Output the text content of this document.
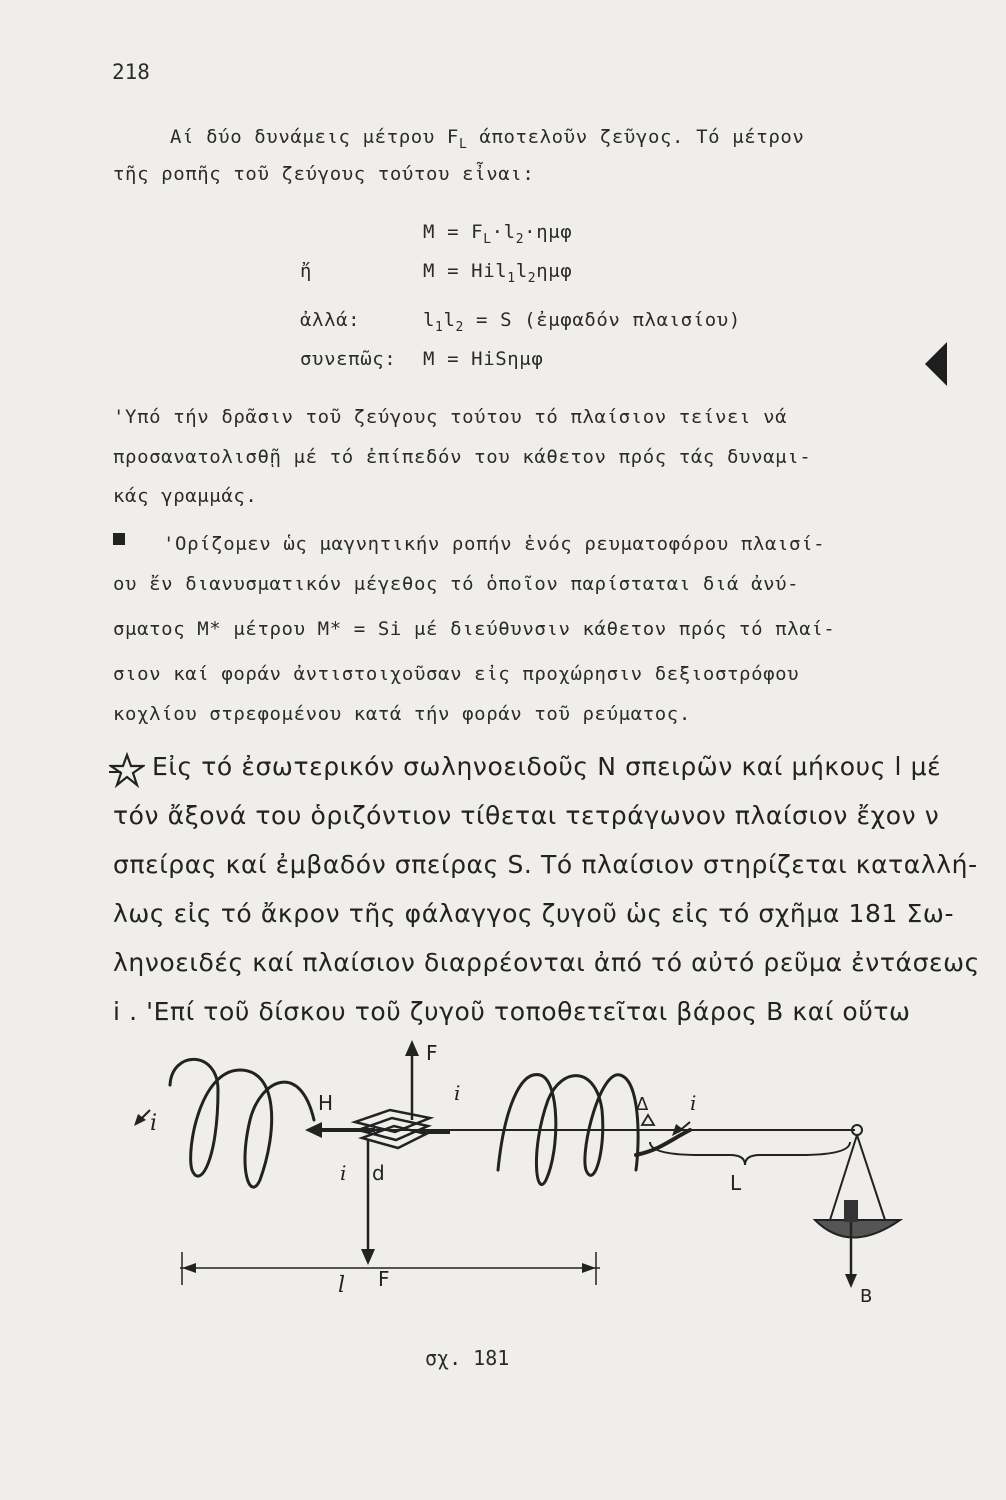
218
Αί δύο δυνάμεις μέτρου $F_L$ άποτελοῦν ζεῦγος. Τό μέτρον
τῆς ροπῆς τοῦ ζεύγους τούτου εἶναι:
$M = F_L\cdot l_2\cdot\eta\mu\varphi$
ἤ	$M = Hil_1l_2\eta\mu\varphi$
ἀλλά:	$l_1l_2 = S$ (ἐμφαδόν πλαισίου)
συνεπῶς: M = HiSημφ
'Υπό τήν δρᾶσιν τοῦ ζεύγους τούτου τό πλαίσιον τείνει νά
προσανατολισθῇ μέ τό ἐπίπεδόν του κάθετον πρός τάς δυναμι-
κάς γραμμάς.
'Ορίζομεν ὡς μαγνητικήν ροπήν ἑνός ρευματοφόρου πλαισί-
ου ἔν διανυσματικόν μέγεθος τό ὁποῖον παρίσταται διά ἀνύ-
σματος M* μέτρου M* = Si μέ διεύθυνσιν κάθετον πρός τό πλαί-
σιον καί φοράν ἀντιστοιχοῦσαν εἰς προχώρησιν δεξιοστρόφου
κοχλίου στρεφομένου κατά τήν φοράν τοῦ ρεύματος.
Εἰς τό ἐσωτερικόν σωληνοειδοῦς N σπειρῶν καί μήκους l μέ
τόν ἄξονά του ὁριζόντιον τίθεται τετράγωνον πλαίσιον ἔχον ν
σπείρας καί ἐμβαδόν σπείρας S. Τό πλαίσιον στηρίζεται καταλλή-
λως εἰς τό ἄκρον τῆς φάλαγγος ζυγοῦ ὡς εἰς τό σχῆμα 181 Σω-
ληνοειδές καί πλαίσιον διαρρέονται ἀπό τό αὐτό ρεῦμα ἐντάσεως
i . 'Επί τοῦ δίσκου τοῦ ζυγοῦ τοποθετεῖται βάρος B καί οὕτω
F
H
i
i
i
i
d
Δ
L
l F
B
σχ. 181
